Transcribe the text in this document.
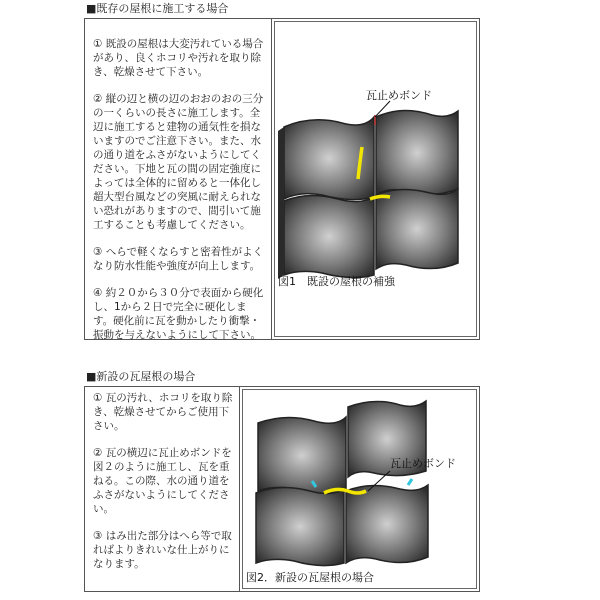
■既存の屋根に施工する場合

① 既設の屋根は大変汚れている場合があり、良くホコリや汚れを取り除き、乾燥させて下さい。

② 縦の辺と横の辺のおおのおの三分の一くらいの長さに施工します。全辺に施工すると建物の通気性を損ないますのでご注意下さい。また、水の通り道をふさがないようにしてください。下地と瓦の間の固定強度によっては全体的に留めると一体化し超大型台風などの突風に耐えられない恐れがありますので、間引いて施工することも考慮してください。

③ へらで軽くならすと密着性がよくなり防水性能や強度が向上します。

④ 約２０から３０分で表面から硬化し、1から２日で完全に硬化します。硬化前に瓦を動かしたり衝撃・振動を与えないようにして下さい。

瓦止めボンド
図1　既設の屋根の補強
■新設の瓦屋根の場合

① 瓦の汚れ、ホコリを取り除き、乾燥させてからご使用下さい。

② 瓦の横辺に瓦止めボンドを図２のように施工し、瓦を重ねる。この際、水の通り道をふさがないようにしてください。

③ はみ出た部分はへら等で取ればよりきれいな仕上がりになります。

瓦止めボンド
図2．新設の瓦屋根の場合
